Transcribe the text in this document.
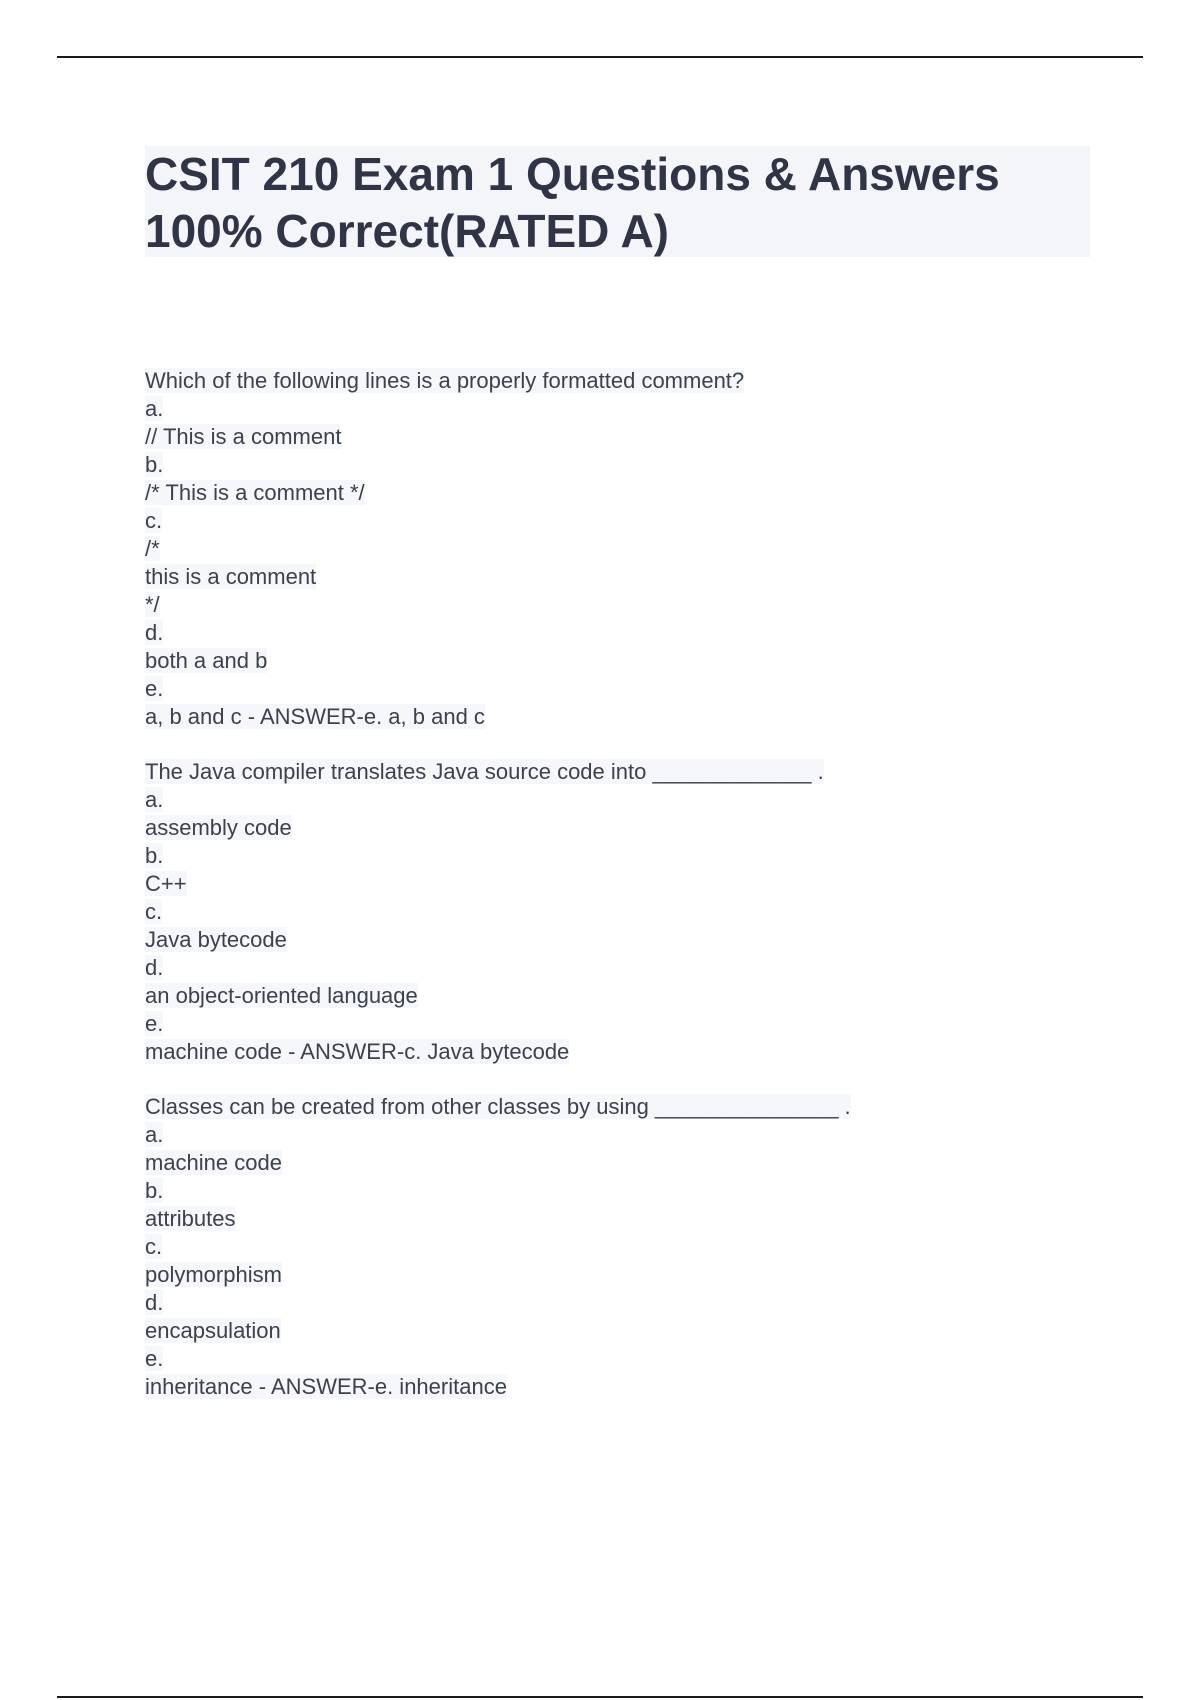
CSIT 210 Exam 1 Questions & Answers
100% Correct(RATED A)
Which of the following lines is a properly formatted comment?
a.
// This is a comment
b.
/* This is a comment */
c.
/*
this is a comment
*/
d.
both a and b
e.
a, b and c - ANSWER-e. a, b and c
The Java compiler translates Java source code into _____________ .
a.
assembly code
b.
C++
c.
Java bytecode
d.
an object-oriented language
e.
machine code - ANSWER-c. Java bytecode
Classes can be created from other classes by using _______________ .
a.
machine code
b.
attributes
c.
polymorphism
d.
encapsulation
e.
inheritance - ANSWER-e. inheritance
